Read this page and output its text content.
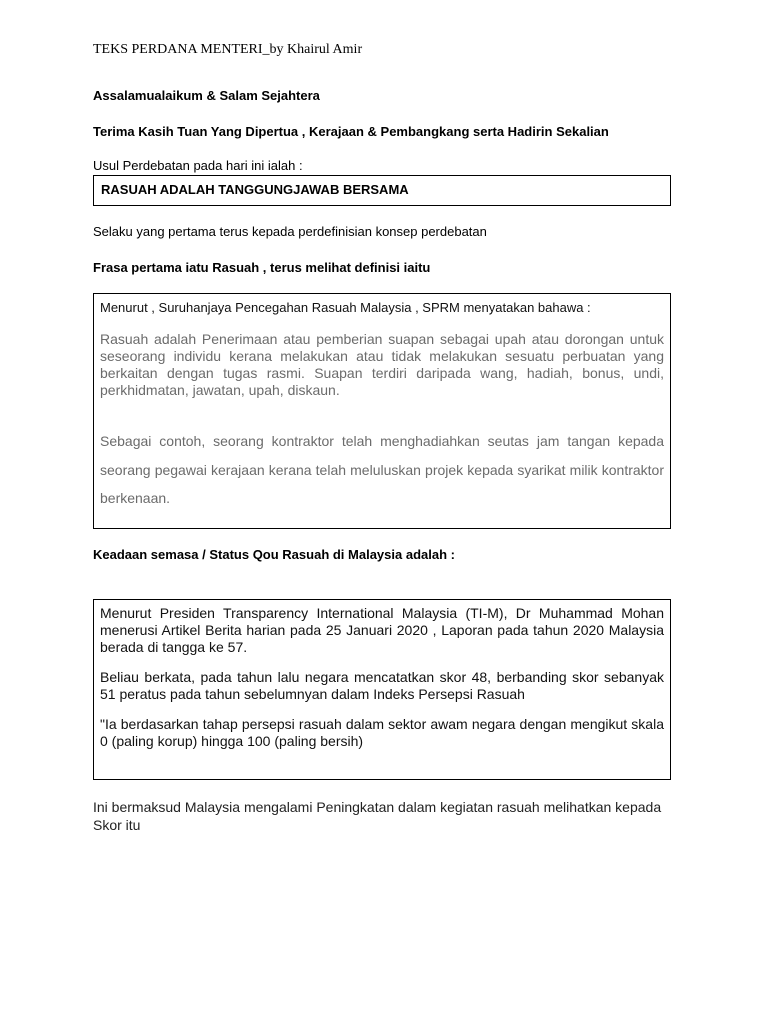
TEKS PERDANA MENTERI_by Khairul Amir
Assalamualaikum & Salam Sejahtera
Terima Kasih Tuan Yang Dipertua , Kerajaan & Pembangkang serta Hadirin Sekalian
Usul Perdebatan pada hari ini ialah :
RASUAH ADALAH TANGGUNGJAWAB BERSAMA
Selaku yang pertama terus kepada perdefinisian konsep perdebatan
Frasa pertama iatu Rasuah , terus melihat definisi iaitu
Menurut , Suruhanjaya Pencegahan Rasuah Malaysia , SPRM menyatakan bahawa :
Rasuah adalah Penerimaan atau pemberian suapan sebagai upah atau dorongan untuk seseorang individu kerana melakukan atau tidak melakukan sesuatu perbuatan yang berkaitan dengan tugas rasmi. Suapan terdiri daripada wang, hadiah, bonus, undi, perkhidmatan, jawatan, upah, diskaun.
Sebagai contoh, seorang kontraktor telah menghadiahkan seutas jam tangan kepada seorang pegawai kerajaan kerana telah meluluskan projek kepada syarikat milik kontraktor berkenaan.
Keadaan semasa / Status Qou Rasuah di Malaysia adalah :

Menurut Presiden Transparency International Malaysia (TI-M), Dr Muhammad Mohan menerusi Artikel Berita harian pada 25 Januari 2020 , Laporan pada tahun 2020 Malaysia berada di tangga ke 57.

Beliau berkata, pada tahun lalu negara mencatatkan skor 48, berbanding skor sebanyak 51 peratus pada tahun sebelumnyan dalam Indeks Persepsi Rasuah

"Ia berdasarkan tahap persepsi rasuah dalam sektor awam negara dengan mengikut skala 0 (paling korup) hingga 100 (paling bersih)

Ini bermaksud Malaysia mengalami Peningkatan dalam kegiatan rasuah melihatkan kepada Skor itu
